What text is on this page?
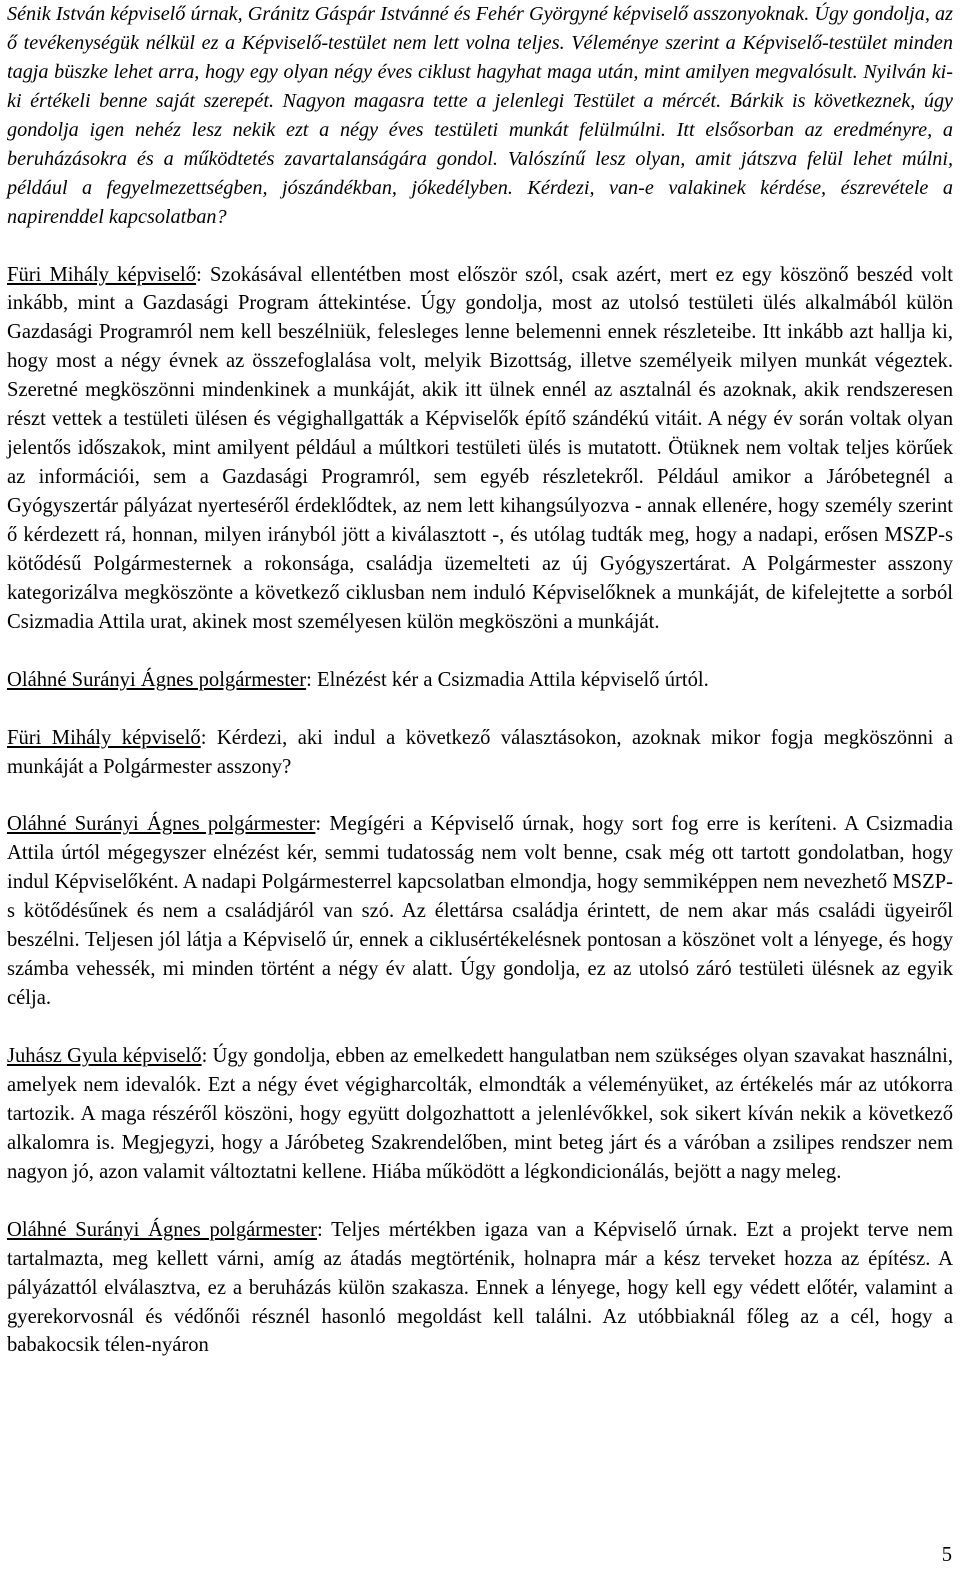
Sénik István képviselő úrnak, Gránitz Gáspár Istvánné és Fehér Györgyné képviselő asszonyoknak. Úgy gondolja, az ő tevékenységük nélkül ez a Képviselő-testület nem lett volna teljes. Véleménye szerint a Képviselő-testület minden tagja büszke lehet arra, hogy egy olyan négy éves ciklust hagyhat maga után, mint amilyen megvalósult. Nyilván ki-ki értékeli benne saját szerepét. Nagyon magasra tette a jelenlegi Testület a mércét. Bárkik is következnek, úgy gondolja igen nehéz lesz nekik ezt a négy éves testületi munkát felülmúlni. Itt elsősorban az eredményre, a beruházásokra és a működtetés zavartalanságára gondol. Valószínű lesz olyan, amit játszva felül lehet múlni, például a fegyelmezettségben, jószándékban, jókedélyben. Kérdezi, van-e valakinek kérdése, észrevétele a napirenddel kapcsolatban?

Füri Mihály képviselő: Szokásával ellentétben most először szól, csak azért, mert ez egy köszönő beszéd volt inkább, mint a Gazdasági Program áttekintése. Úgy gondolja, most az utolsó testületi ülés alkalmából külön Gazdasági Programról nem kell beszélniük, felesleges lenne belemenni ennek részleteibe. Itt inkább azt hallja ki, hogy most a négy évnek az összefoglalása volt, melyik Bizottság, illetve személyeik milyen munkát végeztek. Szeretné megköszönni mindenkinek a munkáját, akik itt ülnek ennél az asztalnál és azoknak, akik rendszeresen részt vettek a testületi ülésen és végighallgatták a Képviselők építő szándékú vitáit. A négy év során voltak olyan jelentős időszakok, mint amilyent például a múltkori testületi ülés is mutatott. Ötüknek nem voltak teljes körűek az információi, sem a Gazdasági Programról, sem egyéb részletekről. Például amikor a Járóbetegnél a Gyógyszertár pályázat nyerteséről érdeklődtek, az nem lett kihangsúlyozva - annak ellenére, hogy személy szerint ő kérdezett rá, honnan, milyen irányból jött a kiválasztott -, és utólag tudták meg, hogy a nadapi, erősen MSZP-s kötődésű Polgármesternek a rokonsága, családja üzemelteti az új Gyógyszertárat. A Polgármester asszony kategorizálva megköszönte a következő ciklusban nem induló Képviselőknek a munkáját, de kifelejtette a sorból Csizmadia Attila urat, akinek most személyesen külön megköszöni a munkáját.

Oláhné Surányi Ágnes polgármester: Elnézést kér a Csizmadia Attila képviselő úrtól.

Füri Mihály képviselő: Kérdezi, aki indul a következő választásokon, azoknak mikor fogja megköszönni a munkáját a Polgármester asszony?

Oláhné Surányi Ágnes polgármester: Megígéri a Képviselő úrnak, hogy sort fog erre is keríteni. A Csizmadia Attila úrtól mégegyszer elnézést kér, semmi tudatosság nem volt benne, csak még ott tartott gondolatban, hogy indul Képviselőként. A nadapi Polgármesterrel kapcsolatban elmondja, hogy semmiképpen nem nevezhető MSZP-s kötődésűnek és nem a családjáról van szó. Az élettársa családja érintett, de nem akar más családi ügyeiről beszélni. Teljesen jól látja a Képviselő úr, ennek a ciklusértékelésnek pontosan a köszönet volt a lényege, és hogy számba vehessék, mi minden történt a négy év alatt. Úgy gondolja, ez az utolsó záró testületi ülésnek az egyik célja.

Juhász Gyula képviselő: Úgy gondolja, ebben az emelkedett hangulatban nem szükséges olyan szavakat használni, amelyek nem idevalók. Ezt a négy évet végigharcolták, elmondták a véleményüket, az értékelés már az utókorra tartozik. A maga részéről köszöni, hogy együtt dolgozhattott a jelenlévőkkel, sok sikert kíván nekik a következő alkalomra is. Megjegyzi, hogy a Járóbeteg Szakrendelőben, mint beteg járt és a váróban a zsilipes rendszer nem nagyon jó, azon valamit változtatni kellene. Hiába működött a légkondicionálás, bejött a nagy meleg.

Oláhné Surányi Ágnes polgármester: Teljes mértékben igaza van a Képviselő úrnak. Ezt a projekt terve nem tartalmazta, meg kellett várni, amíg az átadás megtörténik, holnapra már a kész terveket hozza az építész. A pályázattól elválasztva, ez a beruházás külön szakasza. Ennek a lényege, hogy kell egy védett előtér, valamint a gyerekorvosnál és védőnői résznél hasonló megoldást kell találni. Az utóbbiaknál főleg az a cél, hogy a babakocsik télen-nyáron

5
